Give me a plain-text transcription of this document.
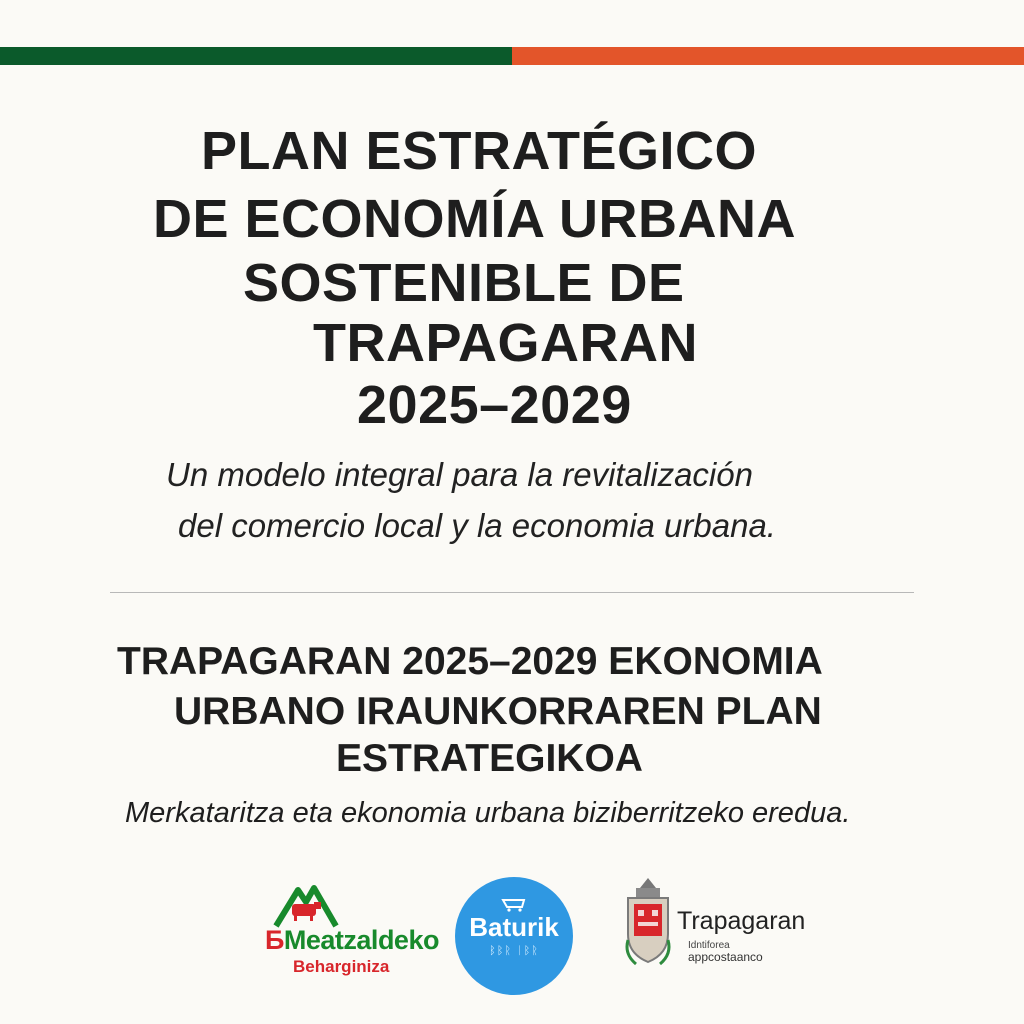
PLAN ESTRATÉGICO
DE ECONOMÍA URBANA
SOSTENIBLE DE
TRAPAGARAN
2025–2029

Un modelo integral para la revitalización

del comercio local y la economia urbana.

TRAPAGARAN 2025–2029 EKONOMIA
URBANO IRAUNKORRAREN PLAN
ESTRATEGIKOA
Merkataritza eta ekonomia urbana biziberritzeko eredua.
БMeatzaldeko
Beharginiza
Baturik
ᛒᛒᚱ ᛁᛒᚱ
Trapagaran
Idntiforea
appcostaanco
